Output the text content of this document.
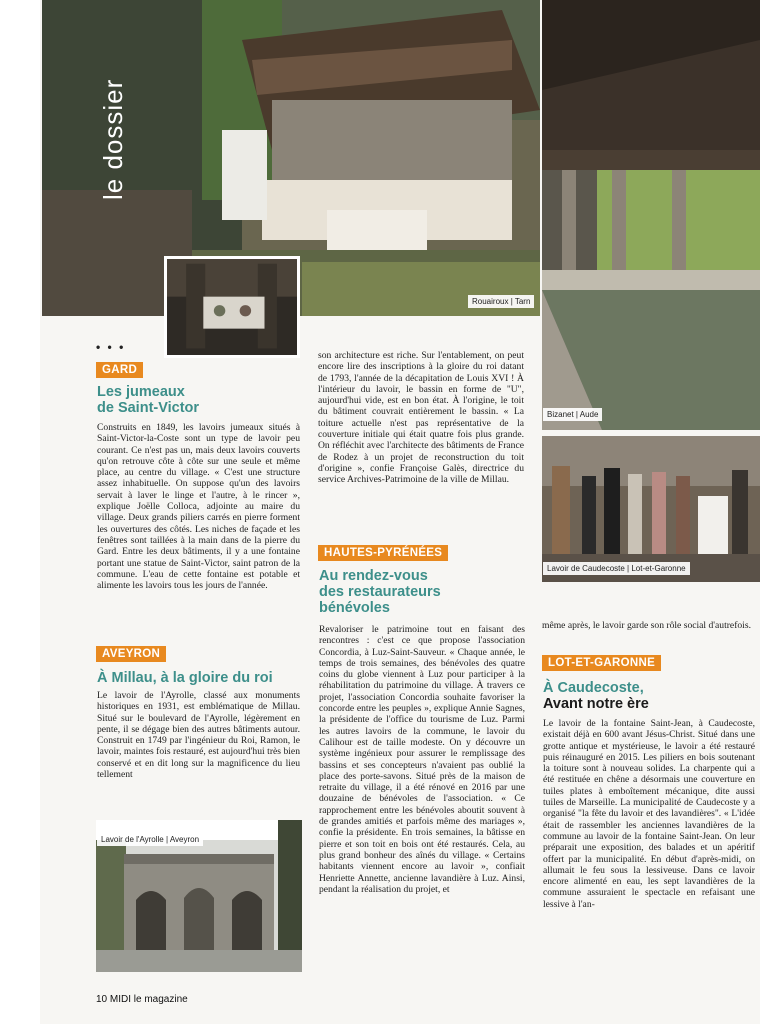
Rouairoux | Tarn
le dossier
Bizanet | Aude
Lavoir de Caudecoste | Lot-et-Garonne
Lavoir de l'Ayrolle | Aveyron
• • •
GARD
Les jumeaux
de Saint-Victor
Construits en 1849, les lavoirs jumeaux situés à Saint-Victor-la-Coste sont un type de lavoir peu courant. Ce n'est pas un, mais deux lavoirs couverts qu'on retrouve côte à côte sur une seule et même place, au centre du village. « C'est une structure assez inhabituelle. On suppose qu'un des lavoirs servait à laver le linge et l'autre, à le rincer », explique Joëlle Colloca, adjointe au maire du village. Deux grands piliers carrés en pierre forment les ouvertures des côtés. Les niches de façade et les fenêtres sont taillées à la main dans de la pierre du Gard. Entre les deux bâtiments, il y a une fontaine portant une statue de Saint-Victor, saint patron de la commune. L'eau de cette fontaine est potable et alimente les lavoirs tous les jours de l'année.
AVEYRON
À Millau, à la gloire du roi
Le lavoir de l'Ayrolle, classé aux monuments historiques en 1931, est emblématique de Millau. Situé sur le boulevard de l'Ayrolle, légèrement en pente, il se dégage bien des autres bâtiments autour. Construit en 1749 par l'ingénieur du Roi, Ramon, le lavoir, maintes fois restauré, est aujourd'hui très bien conservé et en dit long sur la magnificence du lieu tellement
son architecture est riche. Sur l'entablement, on peut encore lire des inscriptions à la gloire du roi datant de 1793, l'année de la décapitation de Louis XVI ! À l'intérieur du lavoir, le bassin en forme de "U", aujourd'hui vide, est en bon état. À l'origine, le toit du bâtiment couvrait entièrement le bassin. « La toiture actuelle n'est pas représentative de la couverture initiale qui était quatre fois plus grande. On réfléchit avec l'architecte des bâtiments de France de Rodez à un projet de reconstruction du toit d'origine », confie Françoise Galès, directrice du service Archives-Patrimoine de la ville de Millau.
HAUTES-PYRÉNÉES
Au rendez-vous
des restaurateurs
bénévoles
Revaloriser le patrimoine tout en faisant des rencontres : c'est ce que propose l'association Concordia, à Luz-Saint-Sauveur. « Chaque année, le temps de trois semaines, des bénévoles des quatre coins du globe viennent à Luz pour participer à la réhabilitation du patrimoine du village. À travers ce projet, l'association Concordia souhaite favoriser la concorde entre les peuples », explique Annie Sagnes, la présidente de l'office du tourisme de Luz. Parmi les autres lavoirs de la commune, le lavoir du Calihour est de taille modeste. On y découvre un système ingénieux pour assurer le remplissage des bassins et ses concepteurs n'avaient pas oublié la place des porte-savons. Situé près de la maison de retraite du village, il a été rénové en 2016 par une douzaine de bénévoles de l'association. « Ce rapprochement entre les bénévoles aboutit souvent à de grandes amitiés et parfois même des mariages », confie la présidente. En trois semaines, la bâtisse en pierre et son toit en bois ont été restaurés. Cela, au plus grand bonheur des aînés du village. « Certains habitants viennent encore au lavoir », confiait Henriette Annette, ancienne lavandière à Luz. Ainsi, pendant la réalisation du projet, et
même après, le lavoir garde son rôle social d'autrefois.
LOT-ET-GARONNE
À Caudecoste,
Avant notre ère
Le lavoir de la fontaine Saint-Jean, à Caudecoste, existait déjà en 600 avant Jésus-Christ. Situé dans une grotte antique et mystérieuse, le lavoir a été restauré puis réinauguré en 2015. Les piliers en bois soutenant la toiture sont à nouveau solides. La charpente qui a été restituée en chêne a désormais une couverture en tuiles plates à emboîtement mécanique, dite aussi tuiles de Marseille. La municipalité de Caudecoste y a organisé "la fête du lavoir et des lavandières". « L'idée était de rassembler les anciennes lavandières de la commune au lavoir de la fontaine Saint-Jean. On leur préparait une exposition, des balades et un apéritif offert par la municipalité. En début d'après-midi, on allumait le feu sous la lessiveuse. Dans ce lavoir encore alimenté en eau, les sept lavandières de la commune assuraient le spectacle en refaisant une lessive à l'an-
10 MIDI le magazine
